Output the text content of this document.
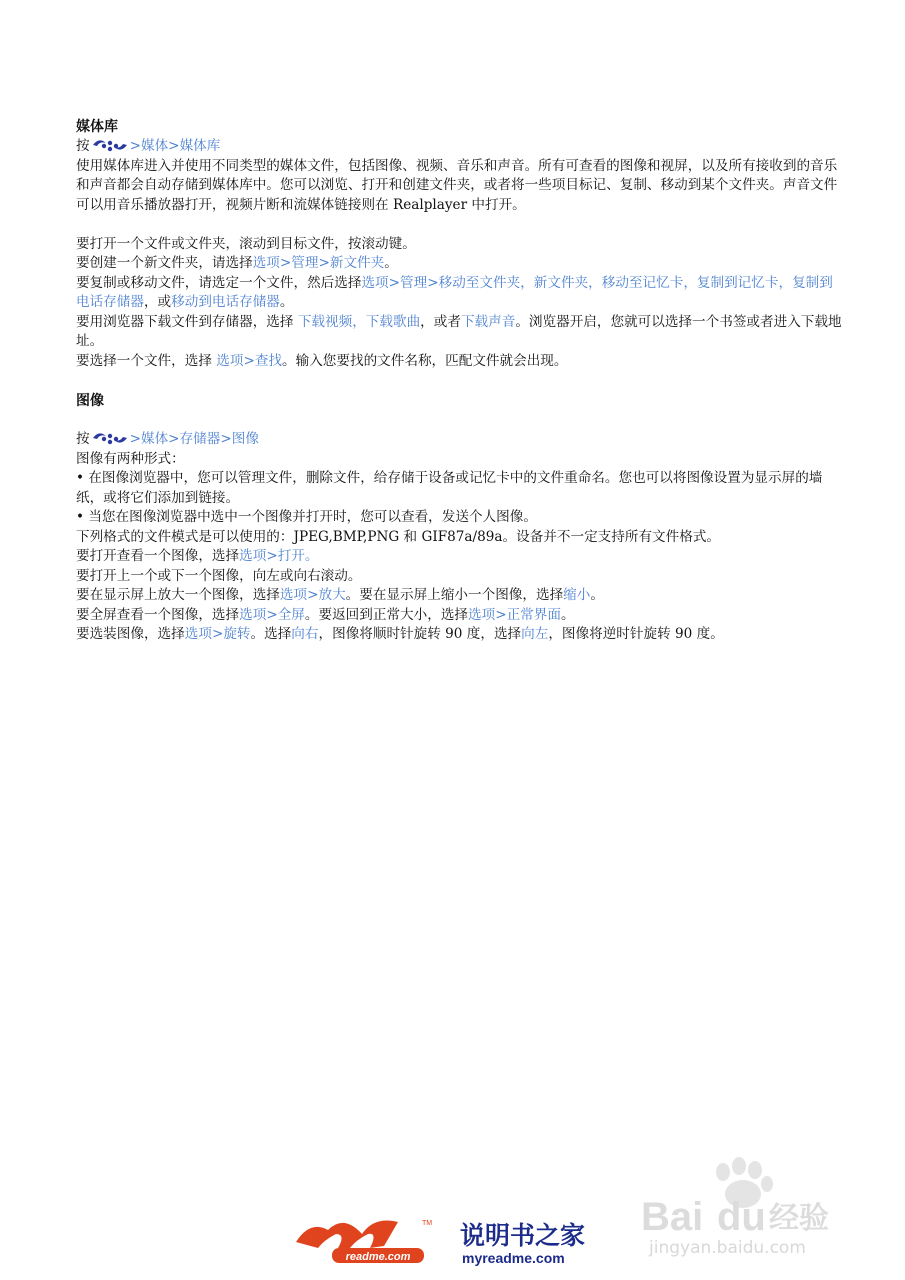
媒体库

按	>媒体>媒体库

使用媒体库进入并使用不同类型的媒体文件，包括图像、视频、音乐和声音。所有可查看的图像和视屏，以及所有接收到的音乐和声音都会自动存储到媒体库中。您可以浏览、打开和创建文件夹，或者将一些项目标记、复制、移动到某个文件夹。声音文件可以用音乐播放器打开，视频片断和流媒体链接则在 Realplayer 中打开。

要打开一个文件或文件夹，滚动到目标文件，按滚动键。

要创建一个新文件夹，请选择选项>管理>新文件夹。

要复制或移动文件，请选定一个文件，然后选择选项>管理>移动至文件夹，新文件夹，移动至记忆卡，复制到记忆卡，复制到电话存储器，或移动到电话存储器。

要用浏览器下载文件到存储器，选择 下载视频，下载歌曲，或者下载声音。浏览器开启，您就可以选择一个书签或者进入下载地址。

要选择一个文件，选择 选项>查找。输入您要找的文件名称，匹配文件就会出现。

图像

按	>媒体>存储器>图像

图像有两种形式：

• 在图像浏览器中，您可以管理文件，删除文件，给存储于设备或记忆卡中的文件重命名。您也可以将图像设置为显示屏的墙纸，或将它们添加到链接。

• 当您在图像浏览器中选中一个图像并打开时，您可以查看，发送个人图像。

下列格式的文件模式是可以使用的：JPEG,BMP,PNG 和 GIF87a/89a。设备并不一定支持所有文件格式。

要打开查看一个图像，选择选项>打开。

要打开上一个或下一个图像，向左或向右滚动。

要在显示屏上放大一个图像，选择选项>放大。要在显示屏上缩小一个图像，选择缩小。

要全屏查看一个图像，选择选项>全屏。要返回到正常大小，选择选项>正常界面。

要选装图像，选择选项>旋转。选择向右，图像将顺时针旋转 90 度，选择向左，图像将逆时针旋转 90 度。

Bai du 经验
jingyan.baidu.com
TM
readme.com
说明书之家
myreadme.com
